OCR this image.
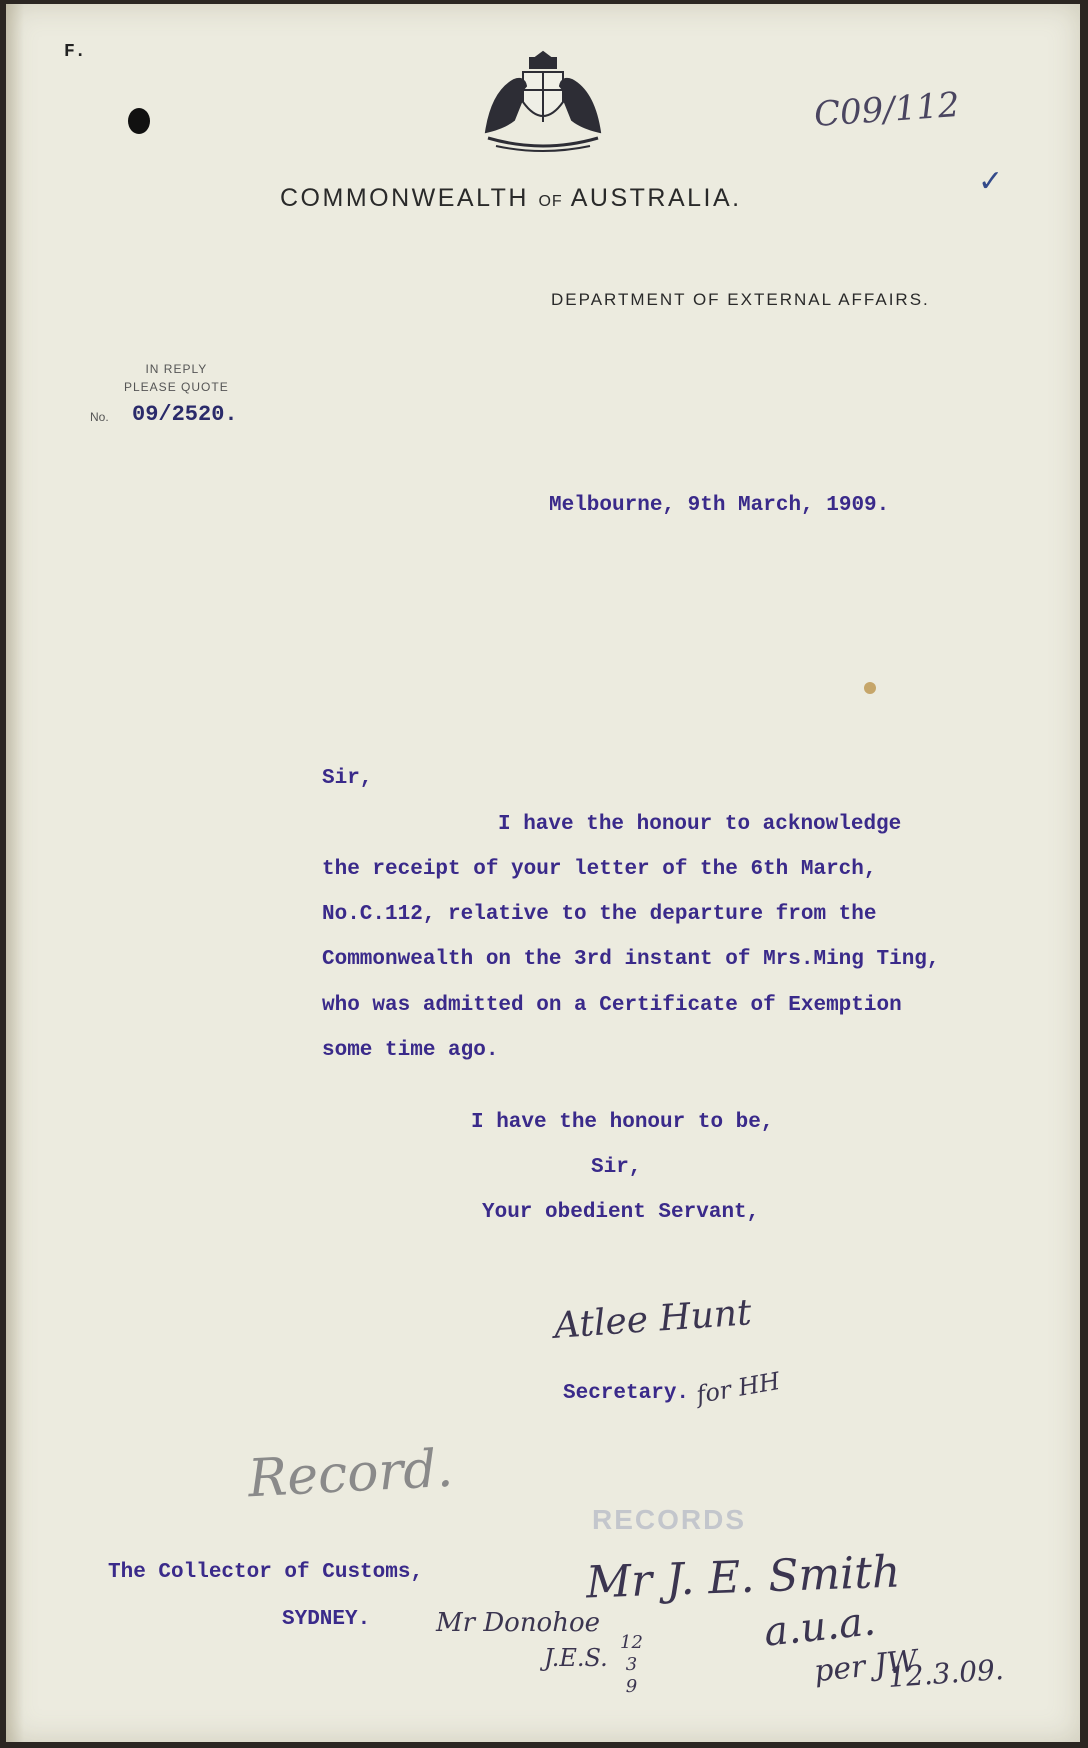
F.
C09/112
✓
COMMONWEALTH OF AUSTRALIA.
DEPARTMENT OF EXTERNAL AFFAIRS.
IN REPLY
PLEASE QUOTE
No. 09/2520.
Melbourne, 9th March, 1909.
Sir,
I have the honour to acknowledge
the receipt of your letter of the 6th March,
No.C.112, relative to the departure from the
Commonwealth on the 3rd instant of Mrs.Ming Ting,
who was admitted on a Certificate of Exemption
some time ago.
I have the honour to be,
Sir,
Your obedient Servant,
Atlee Hunt
Secretary. for HH
Record.
RECORDS
The Collector of Customs,
SYDNEY.
Mr J. E. Smith
a.u.a.
per JW
12.3.09.
Mr Donohoe
J.E.S.
12
3
9
